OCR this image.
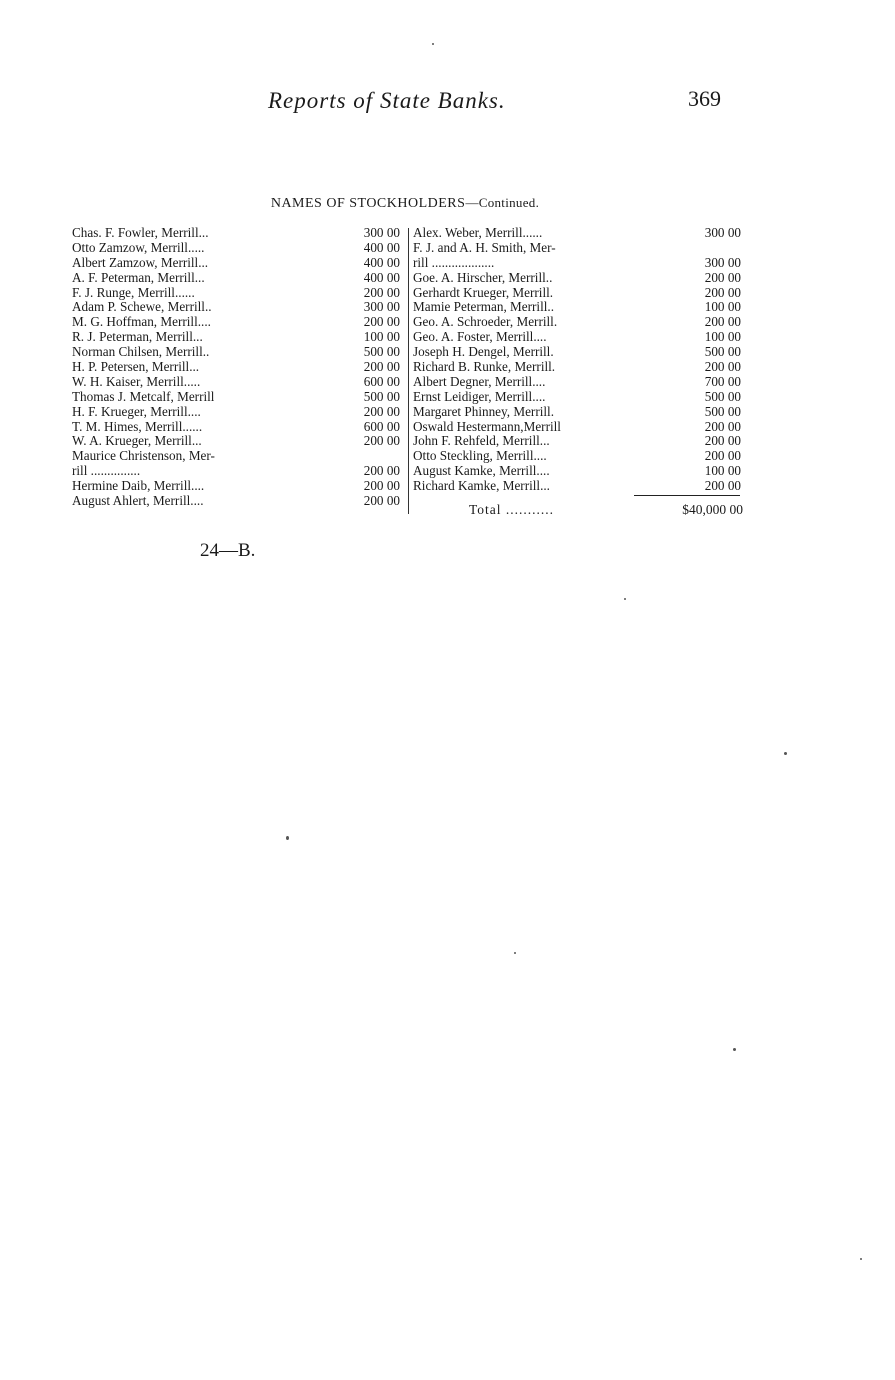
Reports of State Banks.	369
NAMES OF STOCKHOLDERS—Continued.
Chas. F. Fowler, Merrill...	300 00
Otto Zamzow, Merrill.....	400 00
Albert Zamzow, Merrill...	400 00
A. F. Peterman, Merrill...	400 00
F. J. Runge, Merrill......	200 00
Adam P. Schewe, Merrill..	300 00
M. G. Hoffman, Merrill....	200 00
R. J. Peterman, Merrill...	100 00
Norman Chilsen, Merrill..	500 00
H. P. Petersen, Merrill...	200 00
W. H. Kaiser, Merrill.....	600 00
Thomas J. Metcalf, Merrill	500 00
H. F. Krueger, Merrill....	200 00
T. M. Himes, Merrill......	600 00
W. A. Krueger, Merrill...	200 00
Maurice Christenson, Mer-
rill ...............	200 00
Hermine Daib, Merrill....	200 00
August Ahlert, Merrill....	200 00
Alex. Weber, Merrill......	300 00
F. J. and A. H. Smith, Mer-
rill ...................	300 00
Goe. A. Hirscher, Merrill..	200 00
Gerhardt Krueger, Merrill.	200 00
Mamie Peterman, Merrill..	100 00
Geo. A. Schroeder, Merrill.	200 00
Geo. A. Foster, Merrill....	100 00
Joseph H. Dengel, Merrill.	500 00
Richard B. Runke, Merrill.	200 00
Albert Degner, Merrill....	700 00
Ernst Leidiger, Merrill....	500 00
Margaret Phinney, Merrill.	500 00
Oswald Hestermann,Merrill	200 00
John F. Rehfeld, Merrill...	200 00
Otto Steckling, Merrill....	200 00
August Kamke, Merrill....	100 00
Richard Kamke, Merrill...	200 00
Total ...........	$40,000 00
24—B.
